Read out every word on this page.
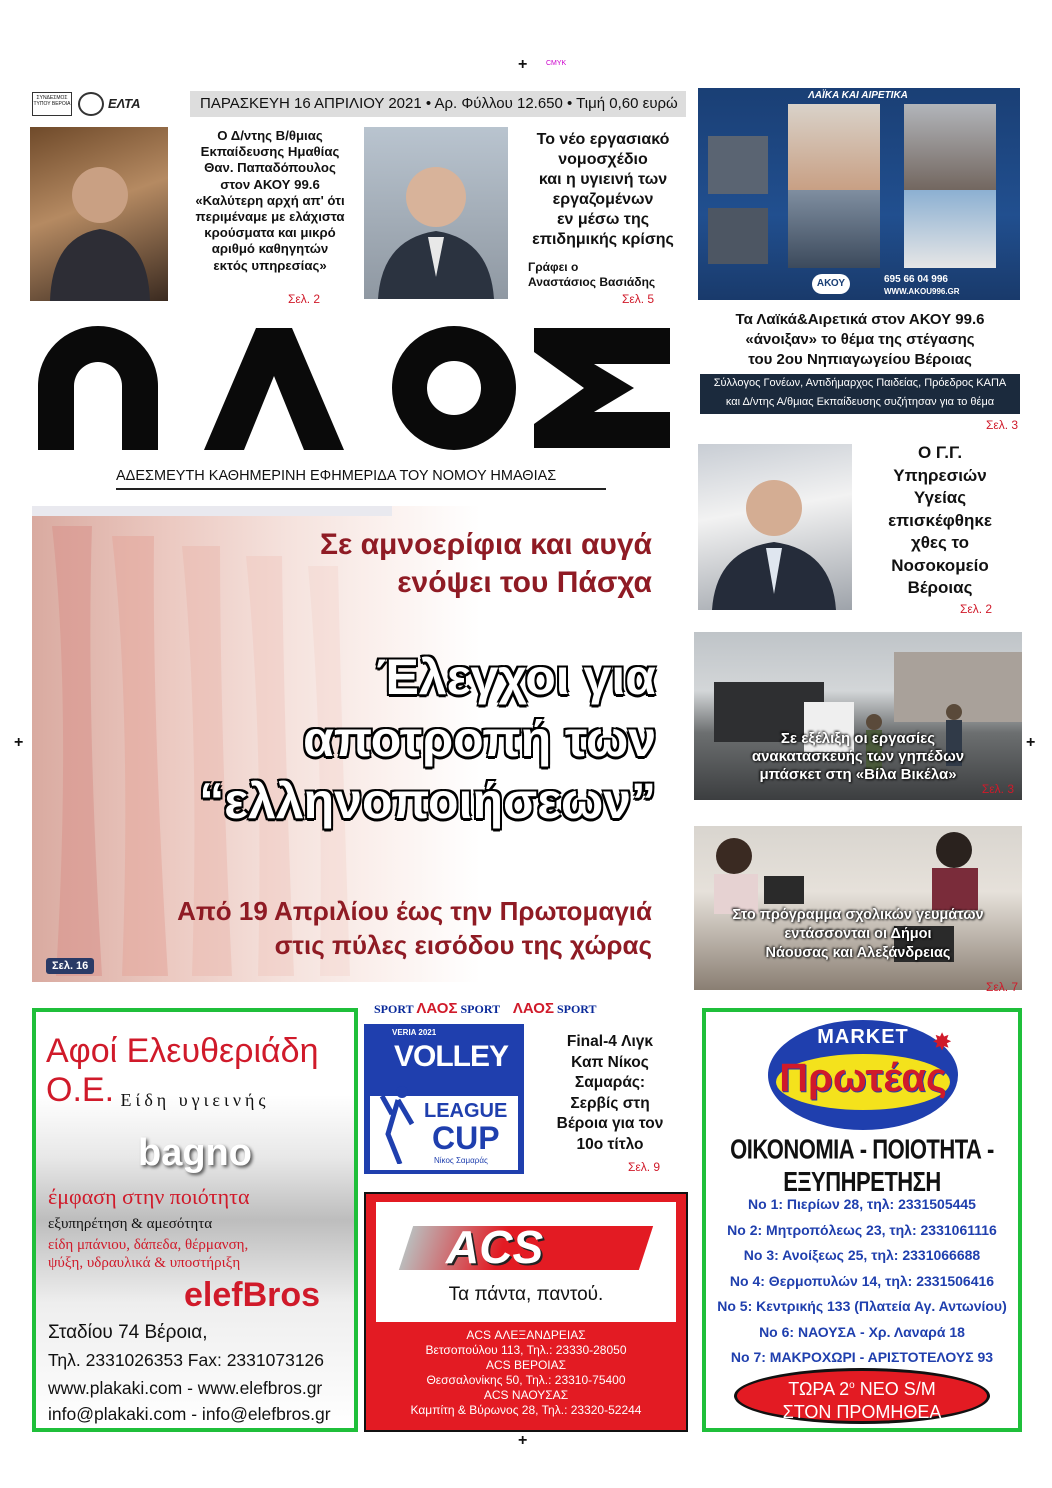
+	CMYK
+	+
+
ΣΥΝΔΕΣΜΟΣ ΤΥΠΟΥ ΒΕΡΟΙΑ	ΕΛΤΑ	ΠΑΡΑΣΚΕΥΗ 16 ΑΠΡΙΛΙΟΥ 2021 • Αρ. Φύλλου 12.650 • Τιμή 0,60 ευρώ
Ο Δ/ντης Β/θμιας
Εκπαίδευσης Ημαθίας
Θαν. Παπαδόπουλος
στον ΑΚΟΥ 99.6
«Καλύτερη αρχή απ' ότι
περιμέναμε με ελάχιστα
κρούσματα και μικρό
αριθμό καθηγητών
εκτός υπηρεσίας»
Σελ. 2
Το νέο εργασιακό
νομοσχέδιο
και η υγιεινή των
εργαζομένων
εν μέσω της
επιδημικής κρίσης
Γράφει ο
Αναστάσιος Βασιάδης
Σελ. 5
ΛΑΪΚΑ ΚΑΙ ΑΙΡΕΤΙΚΑ
ΑΚΟΥ	695 66 04 996
WWW.AKOU996.GR
Τα Λαϊκά&Αιρετικά στον ΑΚΟΥ 99.6
«άνοιξαν» το θέμα της στέγασης
του 2ου Νηπιαγωγείου Βέροιας
Σύλλογος Γονέων, Αντιδήμαρχος Παιδείας, Πρόεδρος ΚΑΠΑ
και Δ/ντης Α/θμιας Εκπαίδευσης συζήτησαν για το θέμα
Σελ. 3
ΑΔΕΣΜΕΥΤΗ ΚΑΘΗΜΕΡΙΝΗ ΕΦΗΜΕΡΙΔΑ ΤΟΥ ΝΟΜΟΥ ΗΜΑΘΙΑΣ
Ο Γ.Γ.
Υπηρεσιών
Υγείας
επισκέφθηκε
χθες το
Νοσοκομείο
Βέροιας
Σελ. 2
Σε αμνοερίφια και αυγά
ενόψει του Πάσχα
Έλεγχοι για
αποτροπή των
“ελληνοποιήσεων”
Από 19 Απριλίου έως την Πρωτομαγιά
στις πύλες εισόδου της χώρας
Σελ. 16
Σε εξέλιξη οι εργασίες
ανακατασκευής των γηπέδων
μπάσκετ στη «Βίλα Βικέλα»
Σελ. 3
Στο πρόγραμμα σχολικών γευμάτων
εντάσσονται οι Δήμοι
Νάουσας και Αλεξάνδρειας
Σελ. 7
Αφοί Ελευθεριάδη Ο.Ε. Είδη υγιεινής
bagno
έμφαση στην ποιότητα
εξυπηρέτηση & αμεσότητα
είδη μπάνιου, δάπεδα, θέρμανση,
ψύξη, υδραυλικά & υποστήριξη
elefBros
Σταδίου 74 Βέροια,
Τηλ. 2331026353 Fax: 2331073126
www.plakaki.com - www.elefbros.gr
info@plakaki.com - info@elefbros.gr
SPORT ΛΑΟΣ SPORT ΛΑΟΣ SPORT
VERIA 2021
VOLLEY
LEAGUE
CUP
Νίκος Σαμαράς
Final-4 Λιγκ
Καπ Νίκος
Σαμαράς:
Σερβίς στη
Βέροια για τον
10ο τίτλο
Σελ. 9
ACS
Τα πάντα, παντού.
ACS ΑΛΕΞΑΝΔΡΕΙΑΣ
Βετσοπούλου 113, Τηλ.: 23330-28050
ACS ΒΕΡΟΙΑΣ
Θεσσαλονίκης 50, Τηλ.: 23310-75400
ACS ΝΑΟΥΣΑΣ
Καμπίτη & Βύρωνος 28, Τηλ.: 23320-52244
MARKET
Πρωτέας
✸
ΟΙΚΟΝΟΜΙΑ - ΠΟΙΟΤΗΤΑ - ΕΞΥΠΗΡΕΤΗΣΗ
Νο 1: Πιερίων 28, τηλ: 2331505445
Νο 2: Μητροπόλεως 23, τηλ: 2331061116
Νο 3: Ανοίξεως 25, τηλ: 2331066688
Νο 4: Θερμοπυλών 14, τηλ: 2331506416
Νο 5: Κεντρικής 133 (Πλατεία Αγ. Αντωνίου)
Νο 6: ΝΑΟΥΣΑ - Χρ. Λαναρά 18
Νο 7: ΜΑΚΡΟΧΩΡΙ - ΑΡΙΣΤΟΤΕΛΟΥΣ 93
ΤΩΡΑ $2^o$ ΝΕΟ S/M
ΣΤΟΝ ΠΡΟΜΗΘΕΑ
